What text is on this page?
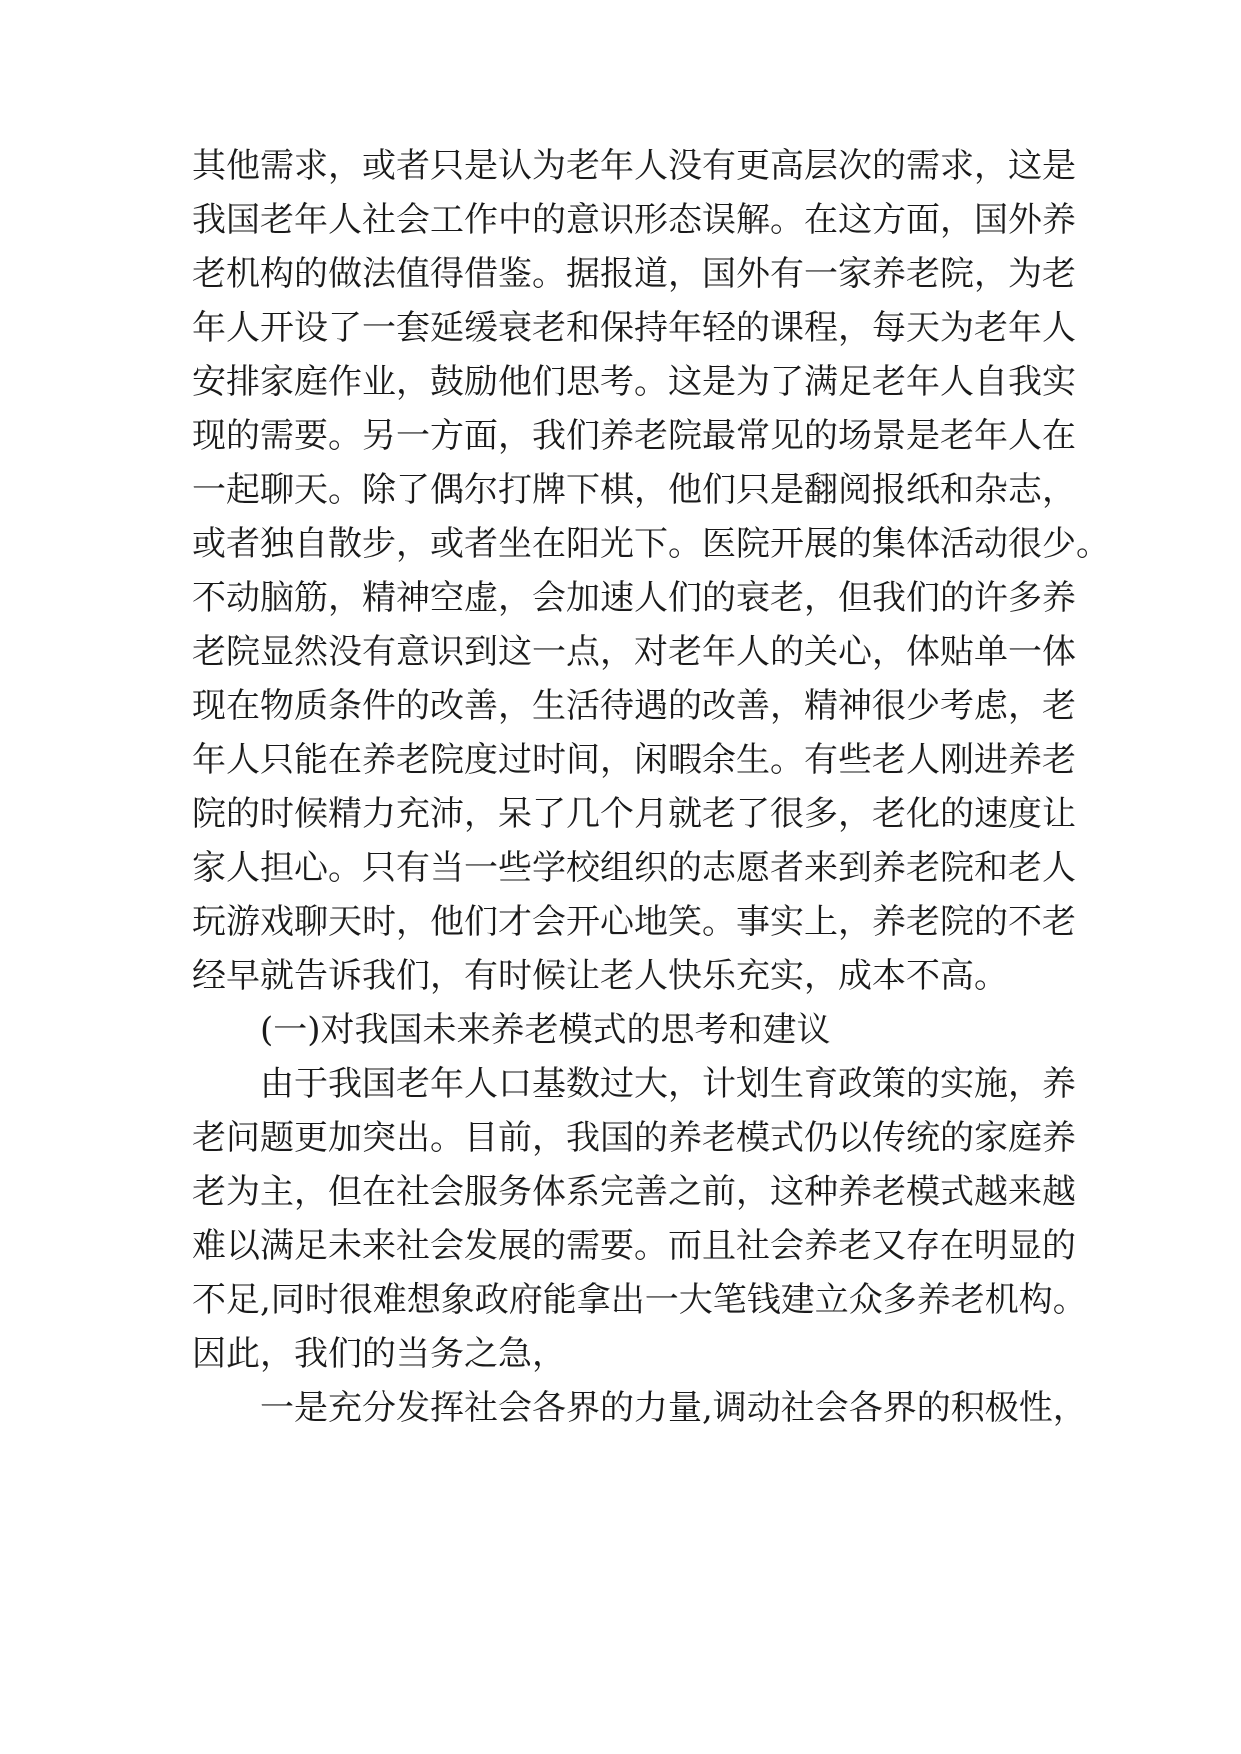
其他需求，或者只是认为老年人没有更高层次的需求，这是
我国老年人社会工作中的意识形态误解。在这方面，国外养
老机构的做法值得借鉴。据报道，国外有一家养老院，为老
年人开设了一套延缓衰老和保持年轻的课程，每天为老年人
安排家庭作业，鼓励他们思考。这是为了满足老年人自我实
现的需要。另一方面，我们养老院最常见的场景是老年人在
一起聊天。除了偶尔打牌下棋，他们只是翻阅报纸和杂志，
或者独自散步，或者坐在阳光下。医院开展的集体活动很少。
不动脑筋，精神空虚，会加速人们的衰老，但我们的许多养
老院显然没有意识到这一点，对老年人的关心，体贴单一体
现在物质条件的改善，生活待遇的改善，精神很少考虑，老
年人只能在养老院度过时间，闲暇余生。有些老人刚进养老
院的时候精力充沛，呆了几个月就老了很多，老化的速度让
家人担心。只有当一些学校组织的志愿者来到养老院和老人
玩游戏聊天时，他们才会开心地笑。事实上，养老院的不老
经早就告诉我们，有时候让老人快乐充实，成本不高。
(一)对我国未来养老模式的思考和建议
由于我国老年人口基数过大，计划生育政策的实施，养
老问题更加突出。目前，我国的养老模式仍以传统的家庭养
老为主，但在社会服务体系完善之前，这种养老模式越来越
难以满足未来社会发展的需要。而且社会养老又存在明显的
不足,同时很难想象政府能拿出一大笔钱建立众多养老机构。
因此，我们的当务之急，
一是充分发挥社会各界的力量,调动社会各界的积极性，
